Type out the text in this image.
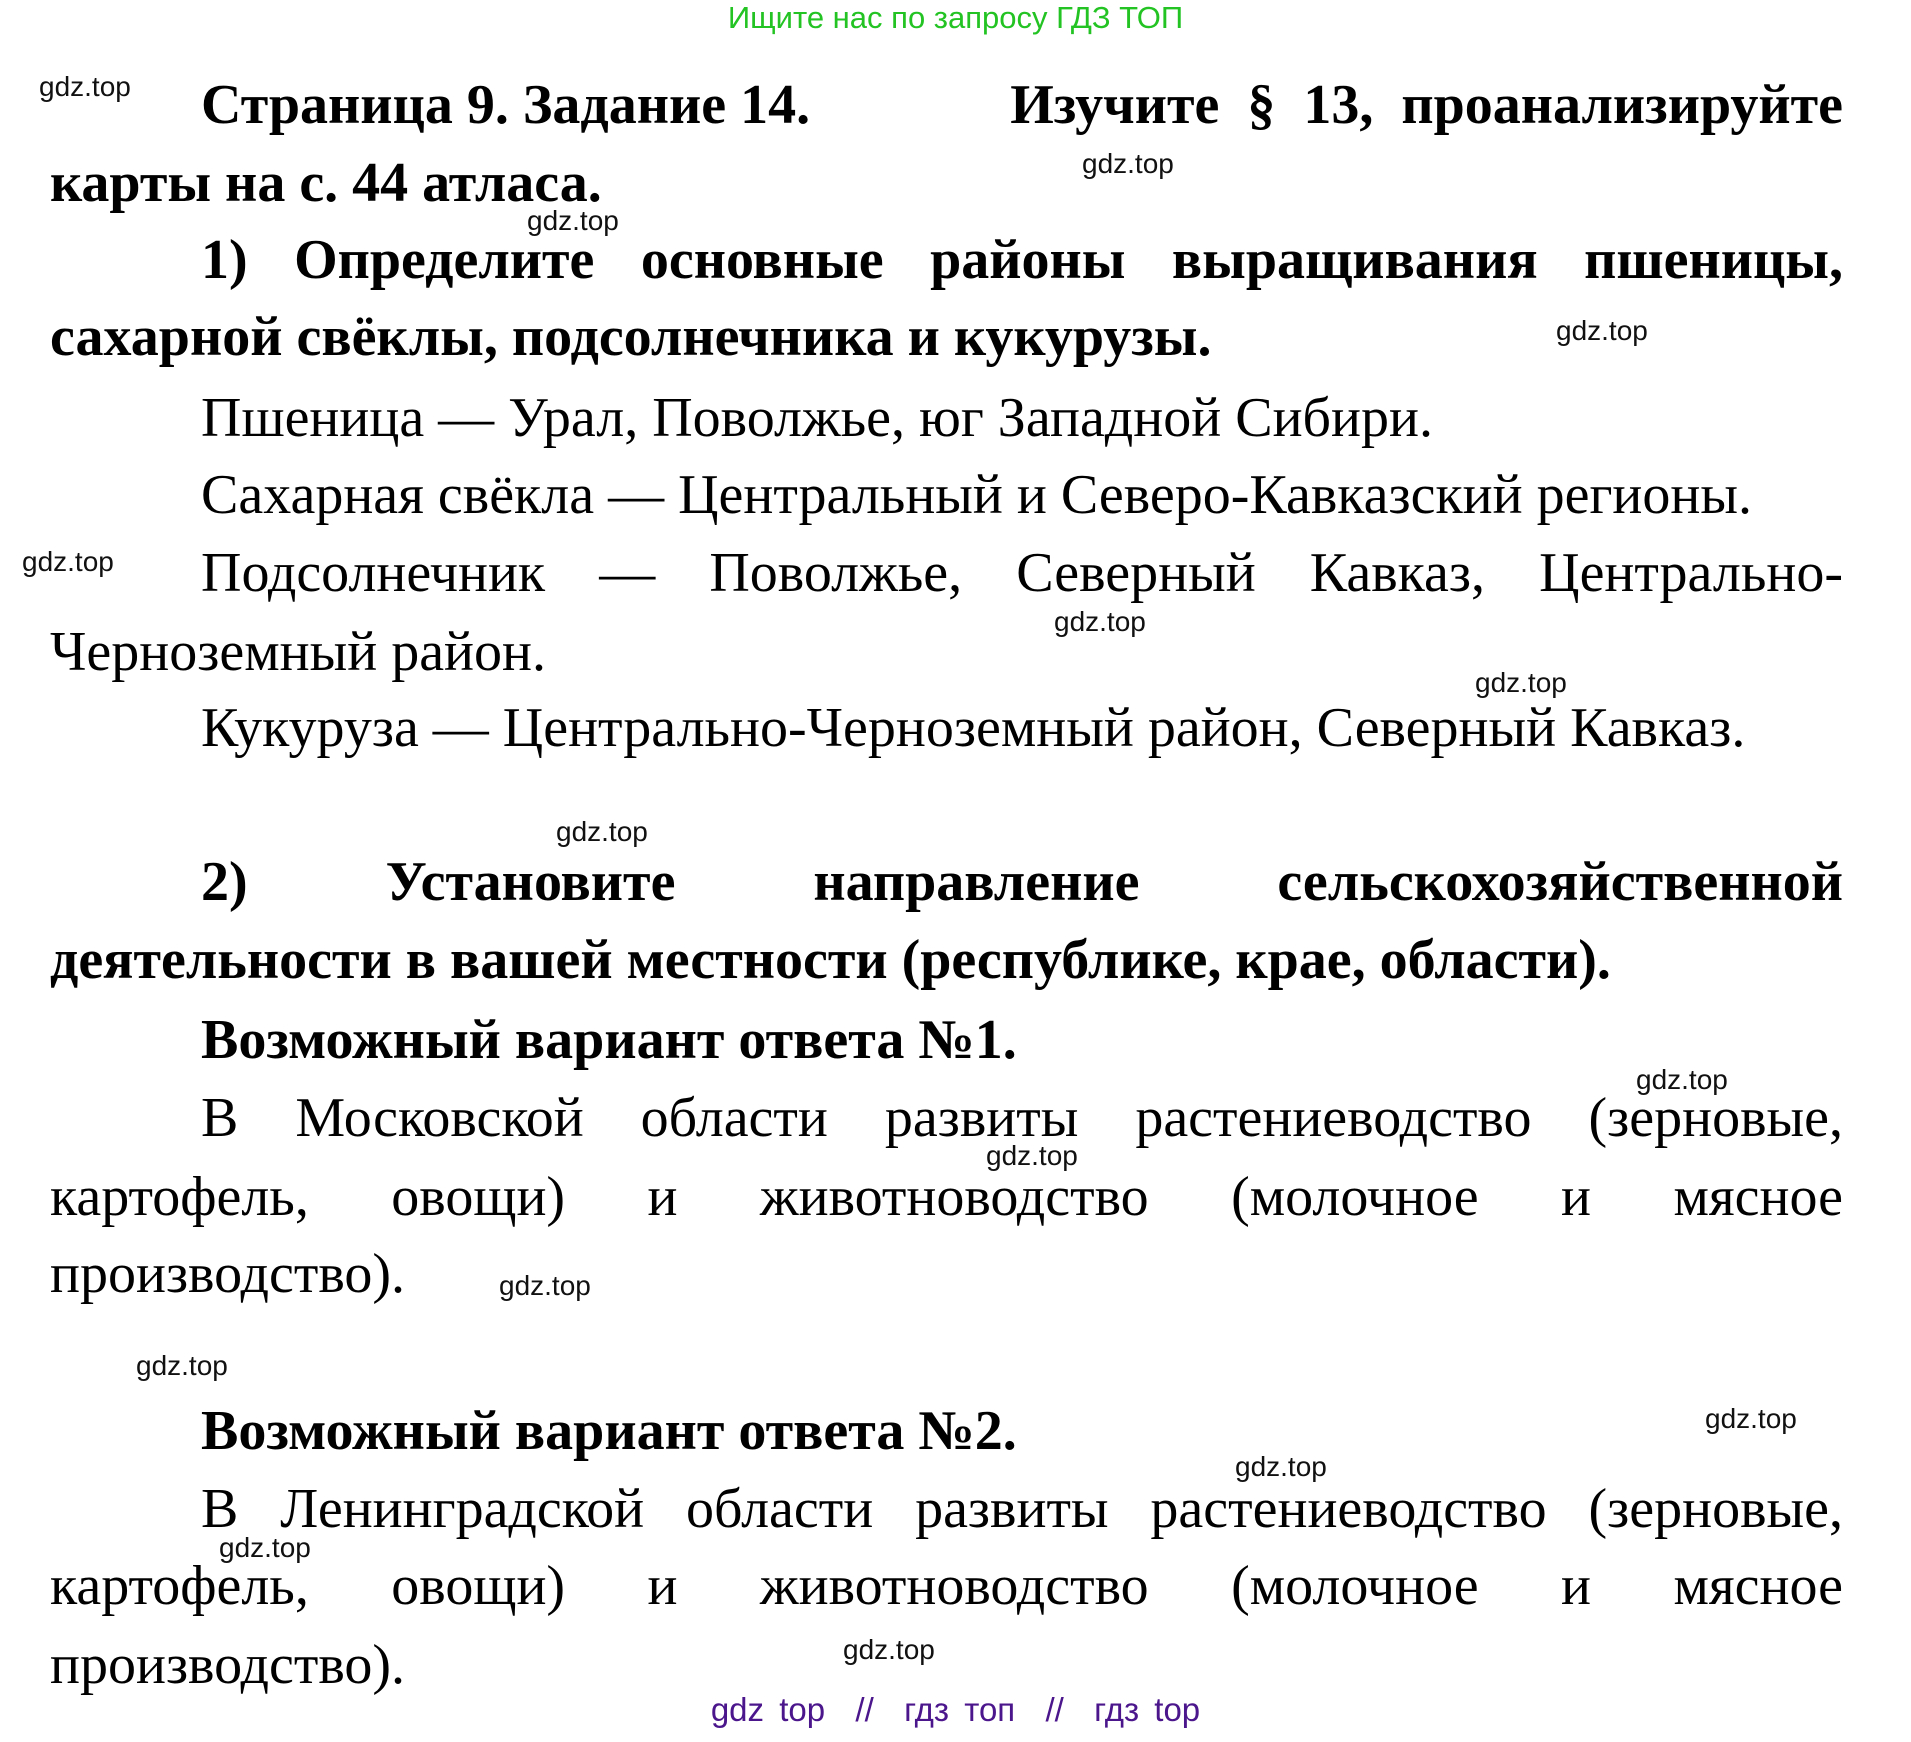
Ищите нас по запросу ГДЗ ТОП
Страница 9. Задание 14.	Изучите § 13, проанализируйте
карты на с. 44 атласа.
1) Определите основные районы выращивания пшеницы,
сахарной свёклы, подсолнечника и кукурузы.
Пшеница — Урал, Поволжье, юг Западной Сибири.
Сахарная свёкла — Центральный и Северо-Кавказский регионы.
Подсолнечник — Поволжье, Северный Кавказ, Центрально-
Черноземный район.
Кукуруза — Центрально-Черноземный район, Северный Кавказ.
2) Установите направление сельскохозяйственной
деятельности в вашей местности (республике, крае, области).
Возможный вариант ответа №1.
В Московской области развиты растениеводство (зерновые,
картофель, овощи) и животноводство (молочное и мясное
производство).
Возможный вариант ответа №2.
В Ленинградской области развиты растениеводство (зерновые,
картофель, овощи) и животноводство (молочное и мясное
производство).
gdz.top
gdz.top
gdz.top
gdz.top
gdz.top
gdz.top
gdz.top
gdz.top
gdz.top
gdz.top
gdz.top
gdz.top
gdz.top
gdz.top
gdz.top
gdz.top
gdz top  //  гдз топ  //  гдз top
